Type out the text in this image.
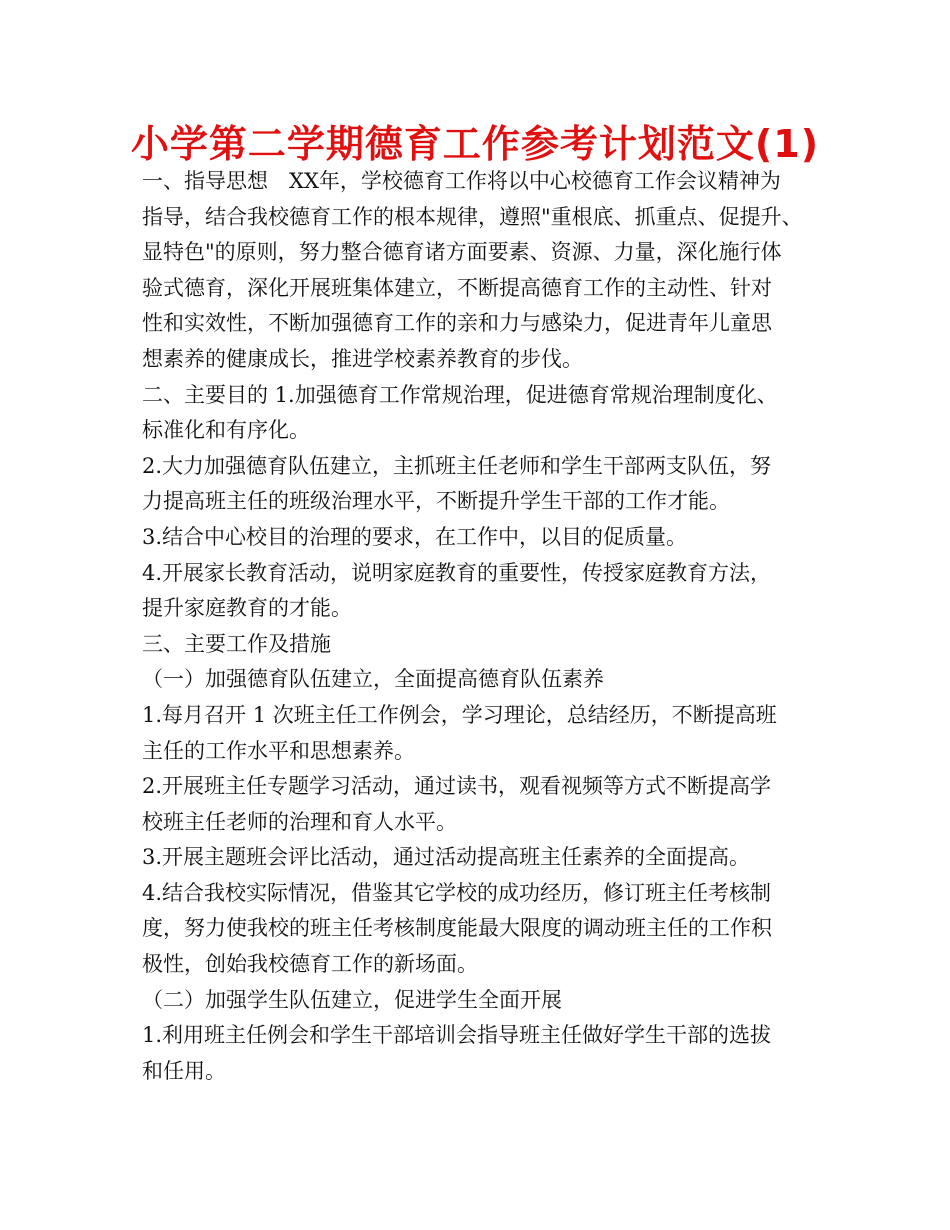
小学第二学期德育工作参考计划范文(1)

一、指导思想　XX年，学校德育工作将以中心校德育工作会议精神为

指导，结合我校德育工作的根本规律，遵照"重根底、抓重点、促提升、

显特色"的原则，努力整合德育诸方面要素、资源、力量，深化施行体

验式德育，深化开展班集体建立，不断提高德育工作的主动性、针对

性和实效性，不断加强德育工作的亲和力与感染力，促进青年儿童思

想素养的健康成长，推进学校素养教育的步伐。

二、主要目的 1.加强德育工作常规治理，促进德育常规治理制度化、

标准化和有序化。

2.大力加强德育队伍建立，主抓班主任老师和学生干部两支队伍，努

力提高班主任的班级治理水平，不断提升学生干部的工作才能。

3.结合中心校目的治理的要求，在工作中，以目的促质量。

4.开展家长教育活动，说明家庭教育的重要性，传授家庭教育方法，

提升家庭教育的才能。

三、主要工作及措施

（一）加强德育队伍建立，全面提高德育队伍素养

1.每月召开 1 次班主任工作例会，学习理论，总结经历，不断提高班

主任的工作水平和思想素养。

2.开展班主任专题学习活动，通过读书，观看视频等方式不断提高学

校班主任老师的治理和育人水平。

3.开展主题班会评比活动，通过活动提高班主任素养的全面提高。

4.结合我校实际情况，借鉴其它学校的成功经历，修订班主任考核制

度，努力使我校的班主任考核制度能最大限度的调动班主任的工作积

极性，创始我校德育工作的新场面。

（二）加强学生队伍建立，促进学生全面开展

1.利用班主任例会和学生干部培训会指导班主任做好学生干部的选拔

和任用。
